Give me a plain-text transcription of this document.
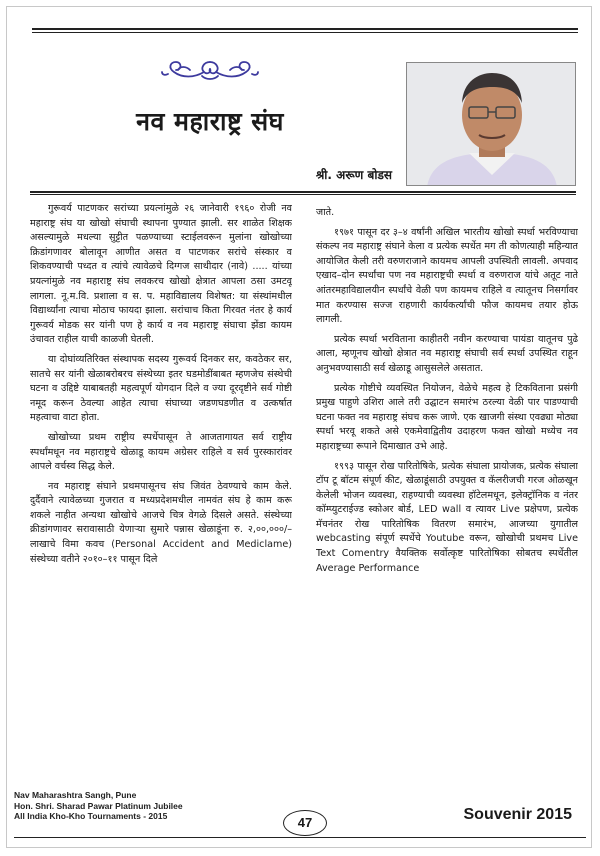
नव महाराष्ट्र संघ
श्री. अरूण बोडस

गुरूवर्य पाटणकर सरांच्या प्रयत्नांमुळे २६ जानेवारी १९६० रोजी नव महाराष्ट्र संघ या खोखो संघाची स्थापना पुण्यात झाली. सर शाळेत शिक्षक असल्यामुळे मधल्या सुट्टीत पळण्याच्या स्टाईलवरून मुलांना खोखोच्या क्रिडांगणावर बोलावून आणीत असत व पाटणकर सरांचे संस्कार व शिकवण्याची पध्दत व त्यांचे त्यावेळचे दिग्गज साथीदार (नावे) ..... यांच्या प्रयत्नांमुळे नव महाराष्ट्र संघ लवकरच खोखो क्षेत्रात आपला ठसा उमटवू लागला. नू.म.वि. प्रशाला व स. प. महाविद्यालय विशेषत: या संस्थांमधील विद्यार्थ्यांना त्याचा मोठाच फायदा झाला. सरांचाच किता गिरवत नंतर हे कार्य गुरूवर्य मोडक सर यांनी पण हे कार्य व नव महाराष्ट्र संघाचा झेंडा कायम उंचावत राहील याची काळजी घेतली.

या दोघांव्यतिरिक्त संस्थापक सदस्य गुरूवर्य दिनकर सर, कवठेकर सर, सातचे सर यांनी खेळाबरोबरच संस्थेच्या इतर घडमोडींबाबत म्हणजेच संस्थेची घटना व उद्दिष्टे याबाबतही महत्वपूर्ण योगदान दिले व ज्या दूरदृष्टीने सर्व गोष्टी नमूद करून ठेवल्या आहेत त्याचा संघाच्या जडणघडणीत व उत्कर्षात महत्वाचा वाटा होता.

खोखोच्या प्रथम राष्ट्रीय स्पर्धेपासून ते आजतागायत सर्व राष्ट्रीय स्पर्धांमधून नव महाराष्ट्रचे खेळाडू कायम अग्रेसर राहिले व सर्व पुरस्कारांवर आपले वर्चस्व सिद्ध केले.

नव महाराष्ट्र संघाने प्रथमपासूनच संघ जिवंत ठेवण्याचे काम केले. दुर्दैवाने त्यावेळच्या गुजरात व मध्यप्रदेशमधील नामवंत संघ हे काम करू शकले नाहीत अन्यथा खोखोचे आजचे चित्र वेगळे दिसले असते. संस्थेच्या क्रीडांगणावर सरावासाठी येणाऱ्या सुमारे पन्नास खेळाडूंना रु. २,००,०००/– लाखाचे विमा कवच (Personal Accident and Mediclame) संस्थेच्या वतीने २०१०–११ पासून दिले

जाते.

१९७१ पासून दर ३–४ वर्षांनी अखिल भारतीय खोखो स्पर्धा भरविण्याचा संकल्प नव महाराष्ट्र संघाने केला व प्रत्येक स्पर्धेत मग ती कोणत्याही महिन्यात आयोजित केली तरी वरुणराजाने कायमच आपली उपस्थिती लावली. अपवाद एखाद–दोन स्पर्धांचा पण नव महाराष्ट्रची स्पर्धा व वरुणराज यांचे अतूट नाते आंतरमहाविद्यालयीन स्पर्धांचे वेळी पण कायमच राहिले व त्यातूनच निसर्गावर मात करण्यास सज्ज राहणारी कार्यकर्त्यांची फौज कायमच तयार होऊ लागली.

प्रत्येक स्पर्धा भरविताना काहीतरी नवीन करण्याचा पायंडा यातूनच पुढे आला, म्हणूनच खोखो क्षेत्रात नव महाराष्ट्र संघाची सर्व स्पर्धा उपस्थित राहून अनुभवण्यासाठी सर्व खेळाडू आसुसलेले असतात.

प्रत्येक गोष्टीचे व्यवस्थित नियोजन, वेळेचे महत्व हे टिकविताना प्रसंगी प्रमुख पाहुणे उशिरा आले तरी उद्घाटन समारंभ ठरल्या वेळी पार पाडण्याची घटना फक्त नव महाराष्ट्र संघच करू जाणे. एक खाजगी संस्था एवढ्या मोठ्या स्पर्धा भरवू शकते असे एकमेवाद्वितीय उदाहरण फक्त खोखो मध्येच नव महाराष्ट्रच्या रूपाने दिमाखात उभे आहे.

१९९३ पासून रोख पारितोषिके, प्रत्येक संघाला प्रायोजक, प्रत्येक संघाला टॉप टू बॉटम संपूर्ण कीट, खेळाडूंसाठी उपयुक्त व कॅलरीजची गरज ओळखून केलेली भोजन व्यवस्था, राहण्याची व्यवस्था हॉटेलमधून, इलेक्ट्रॉनिक व नंतर कॉम्प्युटराईज्ड स्कोअर बोर्ड, LED wall व त्यावर Live प्रक्षेपण, प्रत्येक मॅचनंतर रोख पारितोषिक वितरण समारंभ, आजच्या युगातील webcasting संपूर्ण स्पर्धेचे Youtube वरून, खोखोची प्रथमच Live Text Comentry वैयक्तिक सर्वोत्कृष्ट पारितोषिका सोबतच स्पर्धेतील Average Performance

Nav Maharashtra Sangh, Pune
Hon. Shri. Sharad Pawar Platinum Jubilee
All India Kho-Kho Tournaments - 2015	47	Souvenir 2015
